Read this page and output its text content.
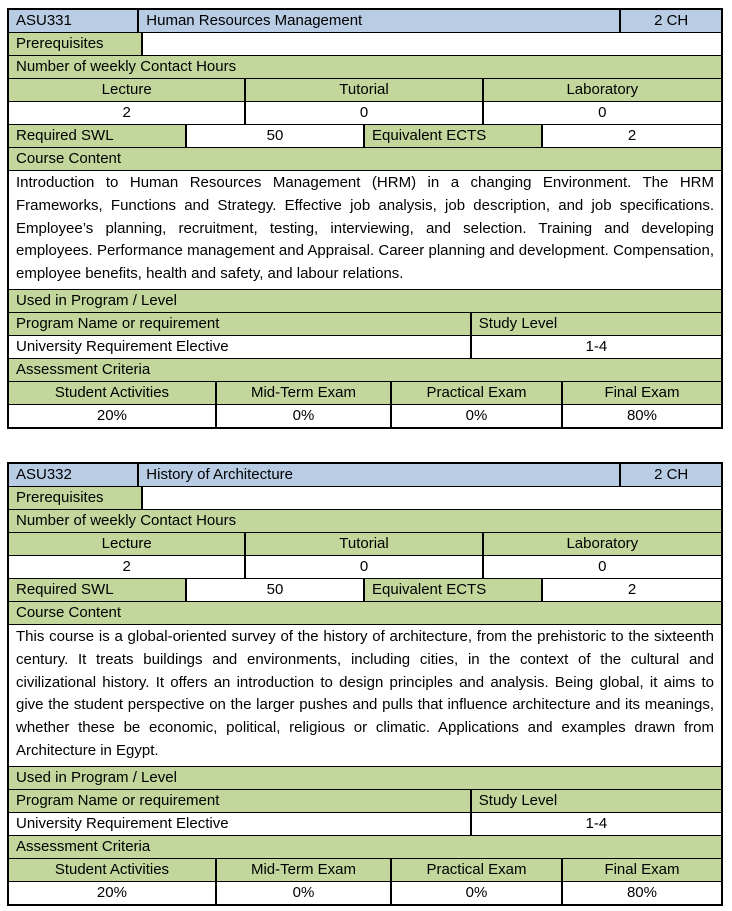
ASU331	Human Resources Management	2 CH
Prerequisites
Number of weekly Contact Hours
Lecture	Tutorial	Laboratory
2	0	0
Required SWL	50	Equivalent ECTS	2
Course Content
Introduction to Human Resources Management (HRM) in a changing Environment. The HRM Frameworks, Functions and Strategy. Effective job analysis, job description, and job specifications. Employee’s planning, recruitment, testing, interviewing, and selection. Training and developing employees. Performance management and Appraisal. Career planning and development. Compensation, employee benefits, health and safety, and labour relations.
Used in Program / Level
Program Name or requirement	Study Level
University Requirement Elective	1-4
Assessment Criteria
Student Activities	Mid-Term Exam	Practical Exam	Final Exam
20%	0%	0%	80%
ASU332	History of Architecture	2 CH
Prerequisites
Number of weekly Contact Hours
Lecture	Tutorial	Laboratory
2	0	0
Required SWL	50	Equivalent ECTS	2
Course Content
This course is a global-oriented survey of the history of architecture, from the prehistoric to the sixteenth century. It treats buildings and environments, including cities, in the context of the cultural and civilizational history. It offers an introduction to design principles and analysis. Being global, it aims to give the student perspective on the larger pushes and pulls that influence architecture and its meanings, whether these be economic, political, religious or climatic. Applications and examples drawn from Architecture in Egypt.
Used in Program / Level
Program Name or requirement	Study Level
University Requirement Elective	1-4
Assessment Criteria
Student Activities	Mid-Term Exam	Practical Exam	Final Exam
20%	0%	0%	80%
